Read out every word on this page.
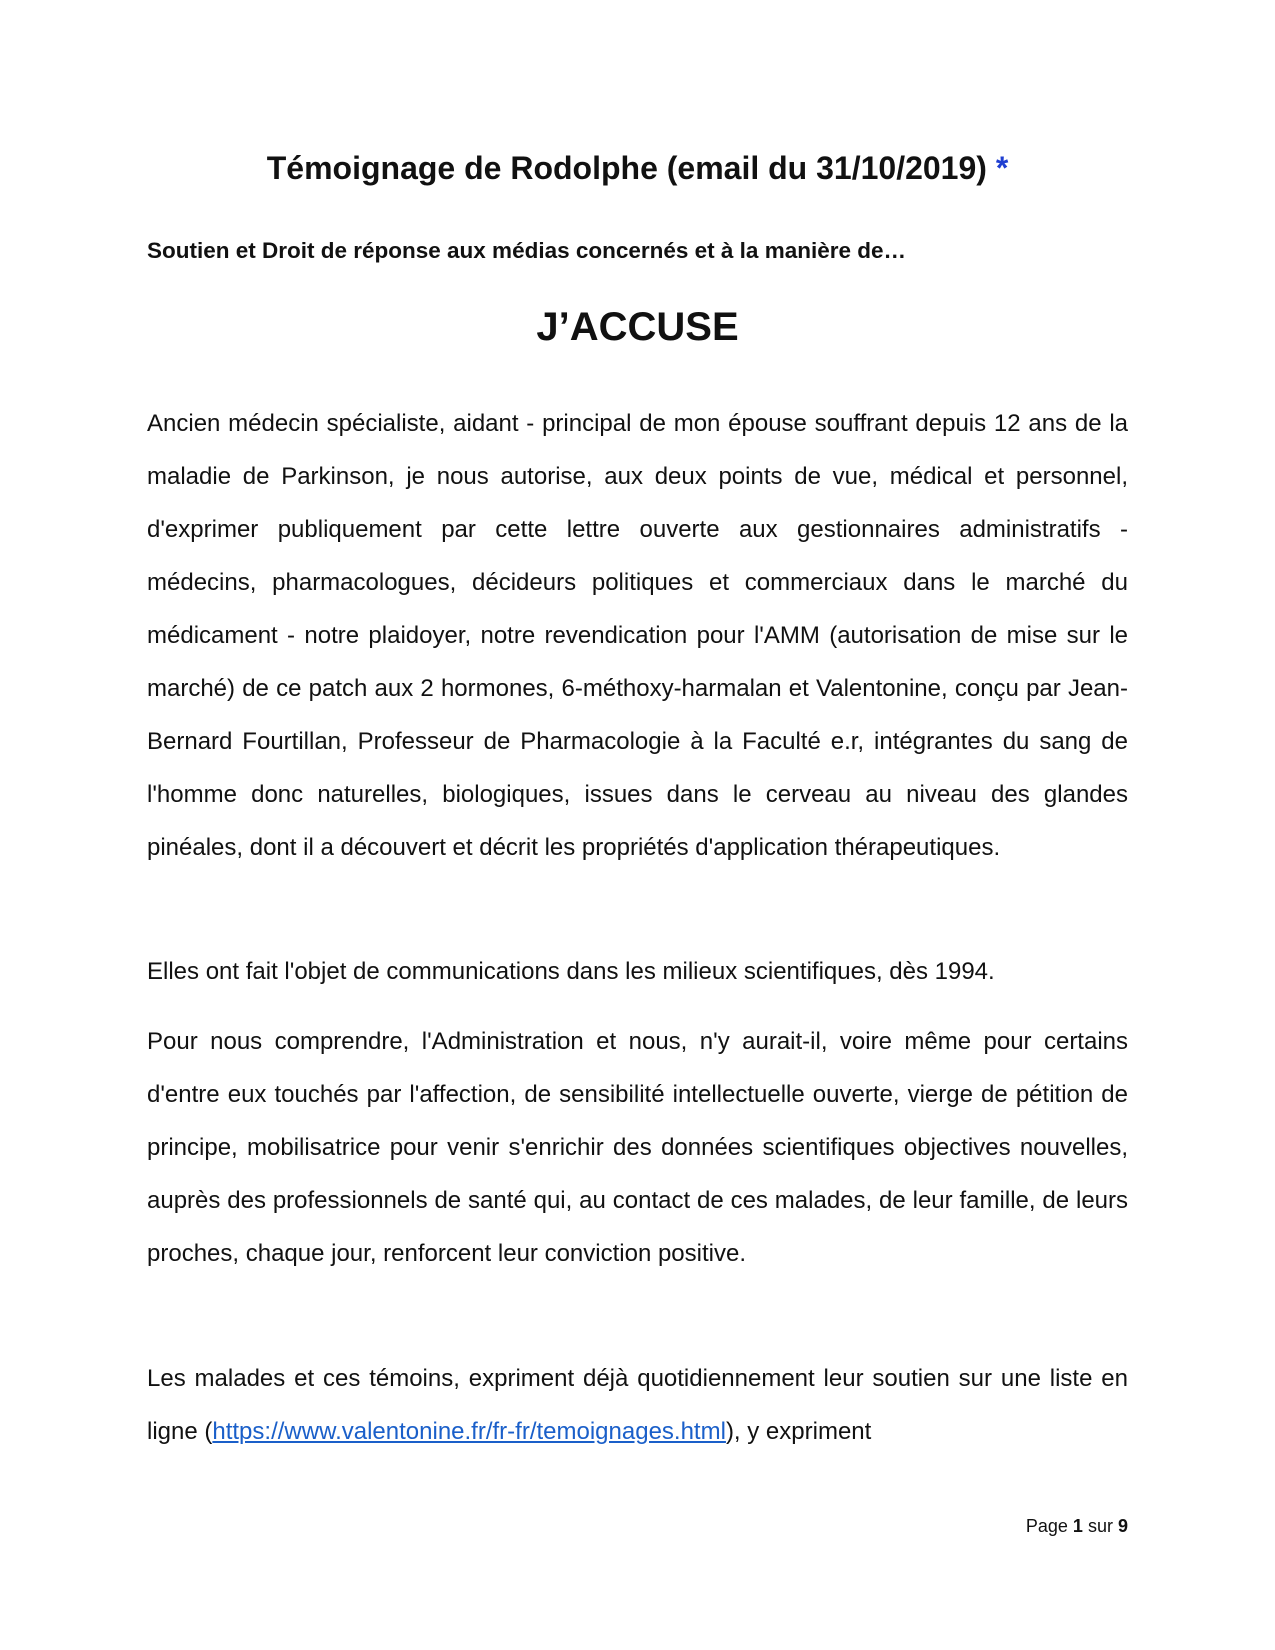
Témoignage de Rodolphe (email du 31/10/2019) *
Soutien et Droit de réponse aux médias concernés et à la manière de…
J’ACCUSE

Ancien médecin spécialiste, aidant - principal de mon épouse souffrant depuis 12 ans de la maladie de Parkinson, je nous autorise, aux deux points de vue, médical et personnel, d'exprimer publiquement par cette lettre ouverte aux gestionnaires administratifs - médecins, pharmacologues, décideurs politiques et commerciaux dans le marché du médicament - notre plaidoyer, notre revendication pour l'AMM (autorisation de mise sur le marché) de ce patch aux 2 hormones, 6-méthoxy-harmalan et Valentonine, conçu par Jean-Bernard Fourtillan, Professeur de Pharmacologie à la Faculté e.r, intégrantes du sang de l'homme donc naturelles, biologiques, issues dans le cerveau au niveau des glandes pinéales, dont il a découvert et décrit les propriétés d'application thérapeutiques.

Elles ont fait l'objet de communications dans les milieux scientifiques, dès 1994.

Pour nous comprendre, l'Administration et nous, n'y aurait-il, voire même pour certains d'entre eux touchés par l'affection, de sensibilité intellectuelle ouverte, vierge de pétition de principe, mobilisatrice pour venir s'enrichir des données scientifiques objectives nouvelles, auprès des professionnels de santé qui, au contact de ces malades, de leur famille, de leurs proches, chaque jour, renforcent leur conviction positive.

Les malades et ces témoins, expriment déjà quotidiennement leur soutien sur une liste en ligne (https://www.valentonine.fr/fr-fr/temoignages.html), y expriment

Page 1 sur 9
